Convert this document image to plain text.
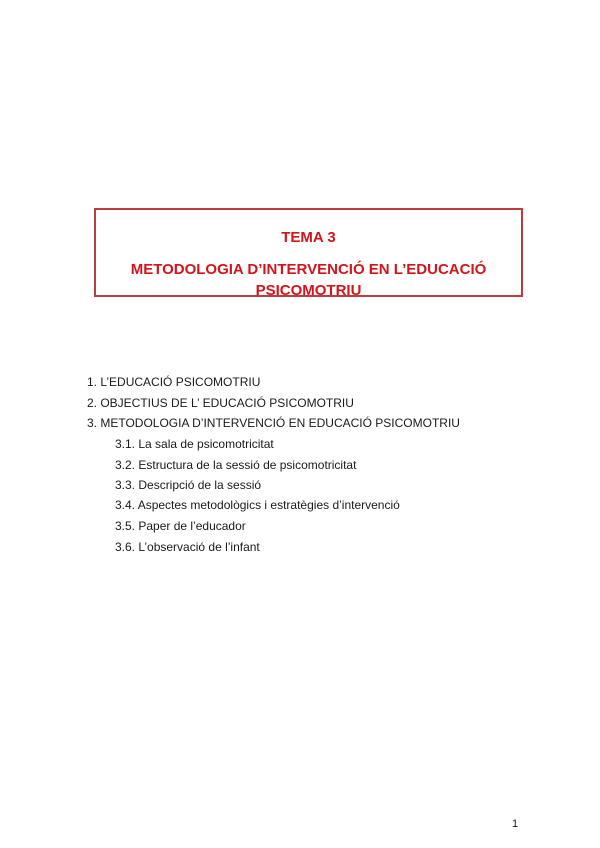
TEMA 3
METODOLOGIA D’INTERVENCIÓ EN L’EDUCACIÓ
PSICOMOTRIU
1. L’EDUCACIÓ PSICOMOTRIU
2. OBJECTIUS DE L’ EDUCACIÓ PSICOMOTRIU
3. METODOLOGIA D’INTERVENCIÓ EN EDUCACIÓ PSICOMOTRIU
3.1. La sala de psicomotricitat
3.2. Estructura de la sessió de psicomotricitat
3.3. Descripció de la sessió
3.4. Aspectes metodològics i estratègies d’intervenció
3.5. Paper de l’educador
3.6. L’observació de l’infant
1
